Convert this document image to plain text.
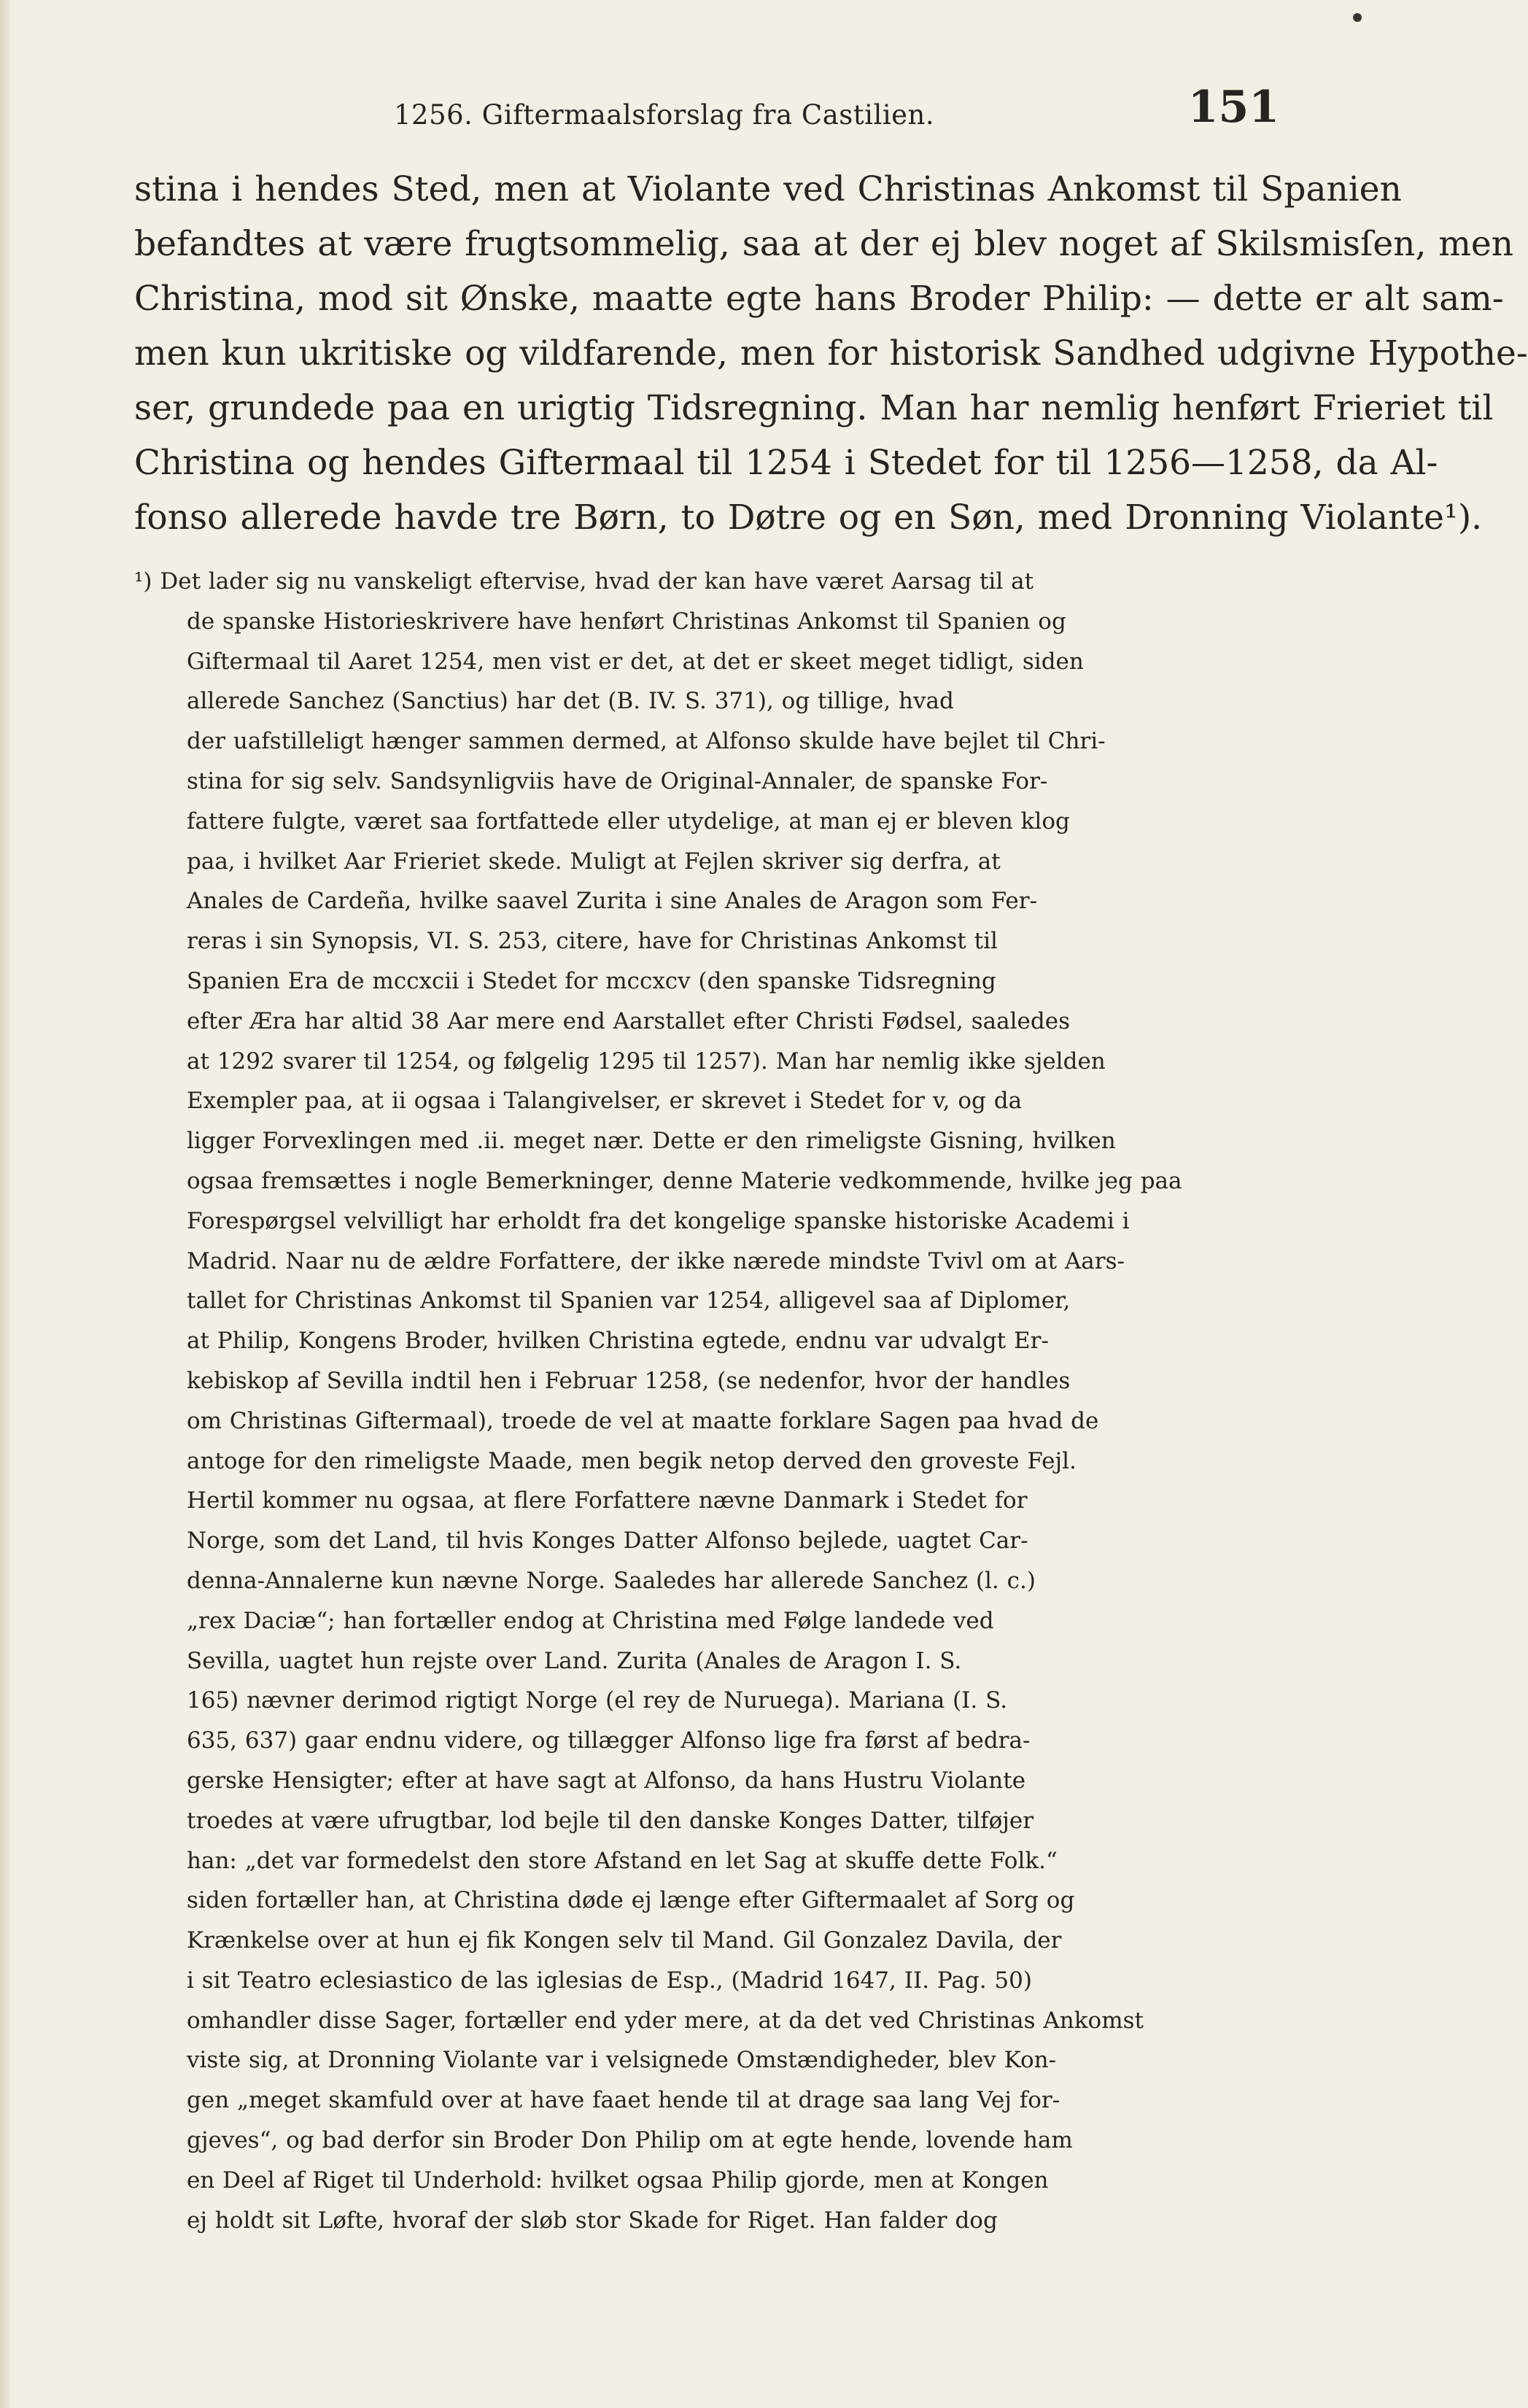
1256. Giftermaalsforslag fra Castilien.	151
stina i hendes Sted, men at Violante ved Christinas Ankomst til Spanien
befandtes at være frugtsommelig, saa at der ej blev noget af Skilsmisſen, men
Christina, mod sit Ønske, maatte egte hans Broder Philip: — dette er alt sam-
men kun ukritiske og vildfarende, men for historisk Sandhed udgivne Hypothe-
ser, grundede paa en urigtig Tidsregning. Man har nemlig henført Frieriet til
Christina og hendes Giftermaal til 1254 i Stedet for til 1256—1258, da Al-
fonso allerede havde tre Børn, to Døtre og en Søn, med Dronning Violante¹).
¹) Det lader sig nu vanskeligt eftervise, hvad der kan have været Aarsag til at
de spanske Historieskrivere have henført Christinas Ankomst til Spanien og
Giftermaal til Aaret 1254, men vist er det, at det er skeet meget tidligt, siden
allerede Sanchez (Sanctius) har det (B. IV. S. 371), og tillige, hvad
der uafstilleligt hænger sammen dermed, at Alfonso skulde have bejlet til Chri-
stina for sig selv. Sandsynligviis have de Original-Annaler, de spanske For-
fattere fulgte, været saa fortfattede eller utydelige, at man ej er bleven klog
paa, i hvilket Aar Frieriet skede. Muligt at Fejlen skriver sig derfra, at
Anales de Cardeña, hvilke saavel Zurita i sine Anales de Aragon som Fer-
reras i sin Synopsis, VI. S. 253, citere, have for Christinas Ankomst til
Spanien Era de mccxcii i Stedet for mccxcv (den spanske Tidsregning
efter Æra har altid 38 Aar mere end Aarstallet efter Christi Fødsel, saaledes
at 1292 svarer til 1254, og følgelig 1295 til 1257). Man har nemlig ikke sjelden
Exempler paa, at ii ogsaa i Talangivelser, er skrevet i Stedet for v, og da
ligger Forvexlingen med .ii. meget nær. Dette er den rimeligste Gisning, hvilken
ogsaa fremsættes i nogle Bemerkninger, denne Materie vedkommende, hvilke jeg paa
Forespørgsel velvilligt har erholdt fra det kongelige spanske historiske Academi i
Madrid. Naar nu de ældre Forfattere, der ikke nærede mindste Tvivl om at Aars-
tallet for Christinas Ankomst til Spanien var 1254, alligevel saa af Diplomer,
at Philip, Kongens Broder, hvilken Christina egtede, endnu var udvalgt Er-
kebiskop af Sevilla indtil hen i Februar 1258, (se nedenfor, hvor der handles
om Christinas Giftermaal), troede de vel at maatte forklare Sagen paa hvad de
antoge for den rimeligste Maade, men begik netop derved den groveste Fejl.
Hertil kommer nu ogsaa, at flere Forfattere nævne Danmark i Stedet for
Norge, som det Land, til hvis Konges Datter Alfonso bejlede, uagtet Car-
denna-Annalerne kun nævne Norge. Saaledes har allerede Sanchez (l. c.)
„rex Daciæ“; han fortæller endog at Christina med Følge landede ved
Sevilla, uagtet hun rejste over Land. Zurita (Anales de Aragon I. S.
165) nævner derimod rigtigt Norge (el rey de Nuruega). Mariana (I. S.
635, 637) gaar endnu videre, og tillægger Alfonso lige fra først af bedra-
gerske Hensigter; efter at have sagt at Alfonso, da hans Hustru Violante
troedes at være ufrugtbar, lod bejle til den danske Konges Datter, tilføjer
han: „det var formedelst den store Afstand en let Sag at skuffe dette Folk.“
siden fortæller han, at Christina døde ej længe efter Giftermaalet af Sorg og
Krænkelse over at hun ej fik Kongen selv til Mand. Gil Gonzalez Davila, der
i sit Teatro eclesiastico de las iglesias de Esp., (Madrid 1647, II. Pag. 50)
omhandler disse Sager, fortæller end yder mere, at da det ved Christinas Ankomst
viste sig, at Dronning Violante var i velsignede Omstændigheder, blev Kon-
gen „meget skamfuld over at have faaet hende til at drage saa lang Vej for-
gjeves“, og bad derfor sin Broder Don Philip om at egte hende, lovende ham
en Deel af Riget til Underhold: hvilket ogsaa Philip gjorde, men at Kongen
ej holdt sit Løfte, hvoraf der sløb stor Skade for Riget. Han falder dog
